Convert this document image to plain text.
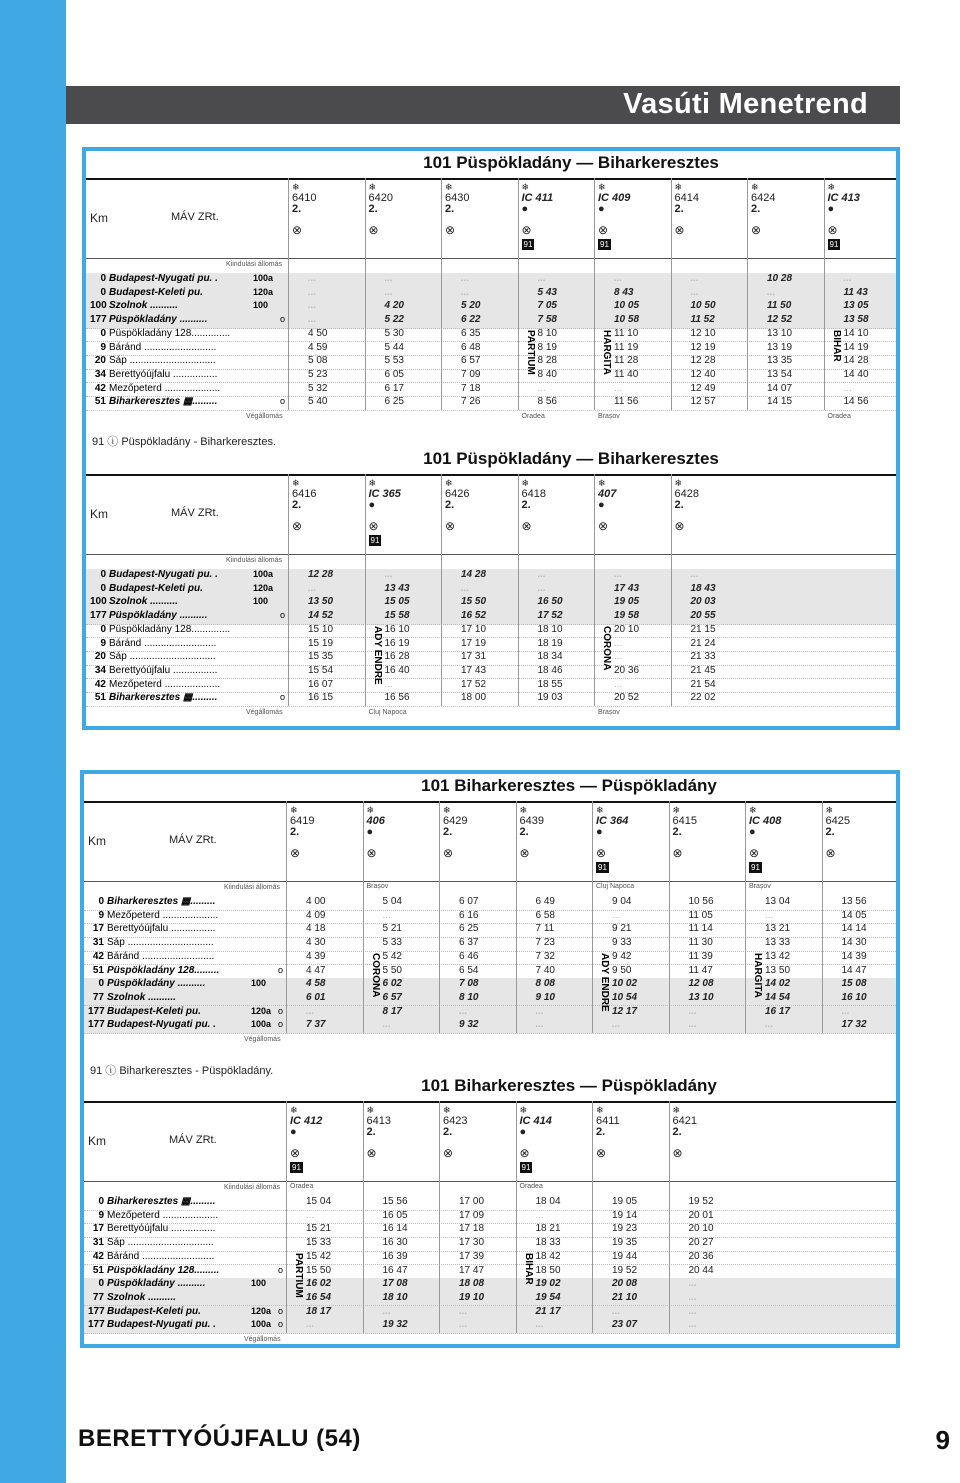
Vasúti Menetrend
101 Püspökladány — Biharkeresztes
Km	MÁV ZRt.
❄
6410
2.
⊗
❄
6420
2.
⊗
❄
6430
2.
⊗
❄
IC 411
●
⊗
91
❄
IC 409
●
⊗
91
❄
6414
2.
⊗
❄
6424
2.
⊗
❄
IC 413
●
⊗
91
Kiindulási állomás
0 Budapest-Nyugati pu. .	100a	...	...	...	...	...	...	10 28	...
0 Budapest-Keleti pu.	120a	...	...	...	5 43	8 43	...	...	11 43
100 Szolnok ..........	100	...	4 20	5 20	7 05	10 05	10 50	11 50	13 05
177 Püspökladány ..........	o ...	5 22	6 22	7 58	10 58	11 52	12 52	13 58
0 Püspökladány 128..............	4 50	5 30	6 35	8 10	11 10	12 10	13 10	14 10
9 Báránd ..........................	4 59	5 44	6 48	8 19	11 19	12 19	13 19	14 19
20 Sáp ...............................	5 08	5 53	6 57	8 28	11 28	12 28	13 35	14 28
34 Berettyóújfalu ................	5 23	6 05	7 09	8 40	11 40	12 40	13 54	14 40
42 Mezőpeterd ....................	5 32	6 17	7 18	...	...	12 49	14 07	...
51 Biharkeresztes ▦.........	o 5 40	6 25	7 26	8 56	11 56	12 57	14 15	14 56
PARTIUM	HARGITA	BIHAR
Végállomás	Oradea	Brașov	Oradea
91 ⓘ Püspökladány - Biharkeresztes.
101 Püspökladány — Biharkeresztes
Km	MÁV ZRt.
❄
6416
2.
⊗
❄
IC 365
●
⊗
91
❄
6426
2.
⊗
❄
6418
2.
⊗
❄
407
●
⊗
❄
6428
2.
⊗
Kiindulási állomás
0 Budapest-Nyugati pu. .	100a	12 28	...	14 28	...	...	...
0 Budapest-Keleti pu.	120a	...	13 43	...	...	17 43	18 43
100 Szolnok ..........	100	13 50	15 05	15 50	16 50	19 05	20 03
177 Püspökladány ..........	o 14 52	15 58	16 52	17 52	19 58	20 55
0 Püspökladány 128..............	15 10	16 10	17 10	18 10	20 10	21 15
9 Báránd ..........................	15 19	16 19	17 19	18 19	...	21 24
20 Sáp ...............................	15 35	16 28	17 31	18 34	...	21 33
34 Berettyóújfalu ................	15 54	16 40	17 43	18 46	20 36	21 45
42 Mezőpeterd ....................	16 07	...	17 52	18 55	...	21 54
51 Biharkeresztes ▦.........	o 16 15	16 56	18 00	19 03	20 52	22 02
ADY ENDRE	CORONA
Végállomás	Cluj Napoca	Brașov
101 Biharkeresztes — Püspökladány
Km	MÁV ZRt.
❄
6419
2.
⊗
❄
406
●
⊗
❄
6429
2.
⊗
❄
6439
2.
⊗
❄
IC 364
●
⊗
91
❄
6415
2.
⊗
❄
IC 408
●
⊗
91
❄
6425
2.
⊗
Kiindulási állomás	Brașov	Cluj Napoca	Brașov
0 Biharkeresztes ▦.........	4 00	5 04	6 07	6 49	9 04	10 56	13 04	13 56
9 Mezőpeterd ....................	4 09	...	6 16	6 58	...	11 05	...	14 05
17 Berettyóújfalu ................	4 18	5 21	6 25	7 11	9 21	11 14	13 21	14 14
31 Sáp ...............................	4 30	5 33	6 37	7 23	9 33	11 30	13 33	14 30
42 Báránd ..........................	4 39	5 42	6 46	7 32	9 42	11 39	13 42	14 39
51 Püspökladány 128.........	o 4 47	5 50	6 54	7 40	9 50	11 47	13 50	14 47
0 Püspökladány ..........	100	4 58	6 02	7 08	8 08	10 02	12 08	14 02	15 08
77 Szolnok ..........	6 01	6 57	8 10	9 10	10 54	13 10	14 54	16 10
177 Budapest-Keleti pu.	120a o ...	8 17	...	...	12 17	...	16 17	...
177 Budapest-Nyugati pu. .	100a o 7 37	...	9 32	...	...	...	...	17 32
CORONA	ADY ENDRE	HARGITA
Végállomás
91 ⓘ Biharkeresztes - Püspökladány.
101 Biharkeresztes — Püspökladány
Km	MÁV ZRt.
❄
IC 412
●
⊗
91
❄
6413
2.
⊗
❄
6423
2.
⊗
❄
IC 414
●
⊗
91
❄
6411
2.
⊗
❄
6421
2.
⊗
Kiindulási állomás Oradea	Oradea
0 Biharkeresztes ▦.........	15 04	15 56	17 00	18 04	19 05	19 52
9 Mezőpeterd ....................	...	16 05	17 09	...	19 14	20 01
17 Berettyóújfalu ................	15 21	16 14	17 18	18 21	19 23	20 10
31 Sáp ...............................	15 33	16 30	17 30	18 33	19 35	20 27
42 Báránd ..........................	15 42	16 39	17 39	18 42	19 44	20 36
51 Püspökladány 128.........	o 15 50	16 47	17 47	18 50	19 52	20 44
0 Püspökladány ..........	100	16 02	17 08	18 08	19 02	20 08	...
77 Szolnok ..........	16 54	18 10	19 10	19 54	21 10	...
177 Budapest-Keleti pu.	120a o 18 17	...	...	21 17	...	...
177 Budapest-Nyugati pu. .	100a o ...	19 32	...	...	23 07	...
PARTIUM	BIHAR
Végállomás
BERETTYÓÚJFALU (54)	9
